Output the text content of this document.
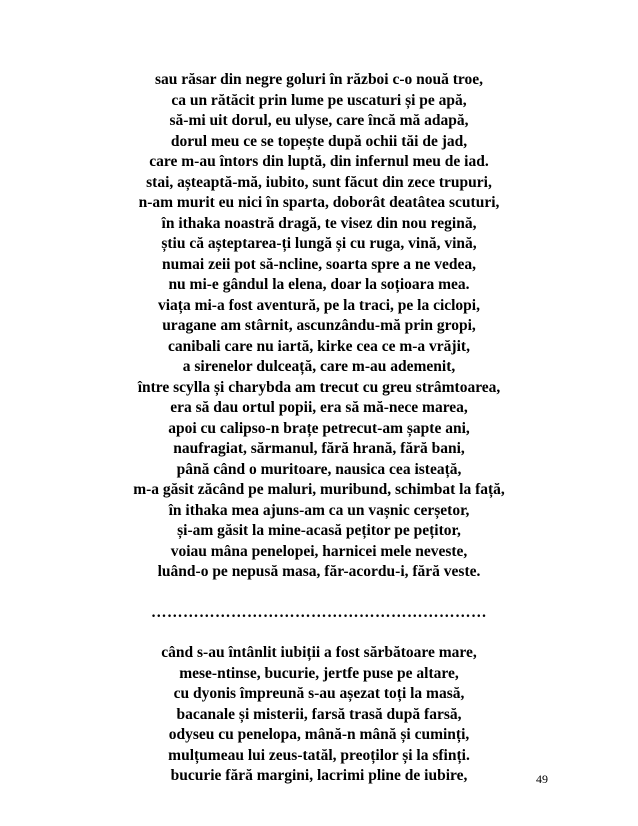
sau răsar din negre goluri în război c-o nouă troe,
ca un rătăcit prin lume pe uscaturi și pe apă,
să-mi uit dorul, eu ulyse, care încă mă adapă,
dorul meu ce se topește după ochii tăi de jad,
care m-au întors din luptă, din infernul meu de iad.
stai, așteaptă-mă, iubito, sunt făcut din zece trupuri,
n-am murit eu nici în sparta, doborât deatâtea scuturi,
în ithaka noastră dragă, te visez din nou regină,
știu că așteptarea-ți lungă și cu ruga, vină, vină,
numai zeii pot să-ncline, soarta spre a ne vedea,
nu mi-e gândul la elena, doar la soțioara mea.
viața mi-a fost aventură, pe la traci, pe la ciclopi,
uragane am stârnit, ascunzându-mă prin gropi,
canibali care nu iartă, kirke cea ce m-a vrăjit,
a sirenelor dulceață, care m-au ademenit,
între scylla și charybda am trecut cu greu strâmtoarea,
era să dau ortul popii, era să mă-nece marea,
apoi cu calipso-n brațe petrecut-am șapte ani,
naufragiat, sărmanul, fără hrană, fără bani,
până când o muritoare, nausica cea isteață,
m-a găsit zăcând pe maluri, muribund, schimbat la față,
în ithaka mea ajuns-am ca un vașnic cerșetor,
și-am găsit la mine-acasă pețitor pe pețitor,
voiau mâna penelopei, harnicei mele neveste,
luând-o pe nepusă masa, făr-acordu-i, fără veste.
………………………………………………………
când s-au întânlit iubiții a fost sărbătoare mare,
mese-ntinse, bucurie, jertfe puse pe altare,
cu dyonis împreună s-au așezat toți la masă,
bacanale și misterii, farsă trasă după farsă,
odyseu cu penelopa, mână-n mână și cuminți,
mulțumeau lui zeus-tatăl, preoților și la sfinți.
bucurie fără margini, lacrimi pline de iubire,	49
